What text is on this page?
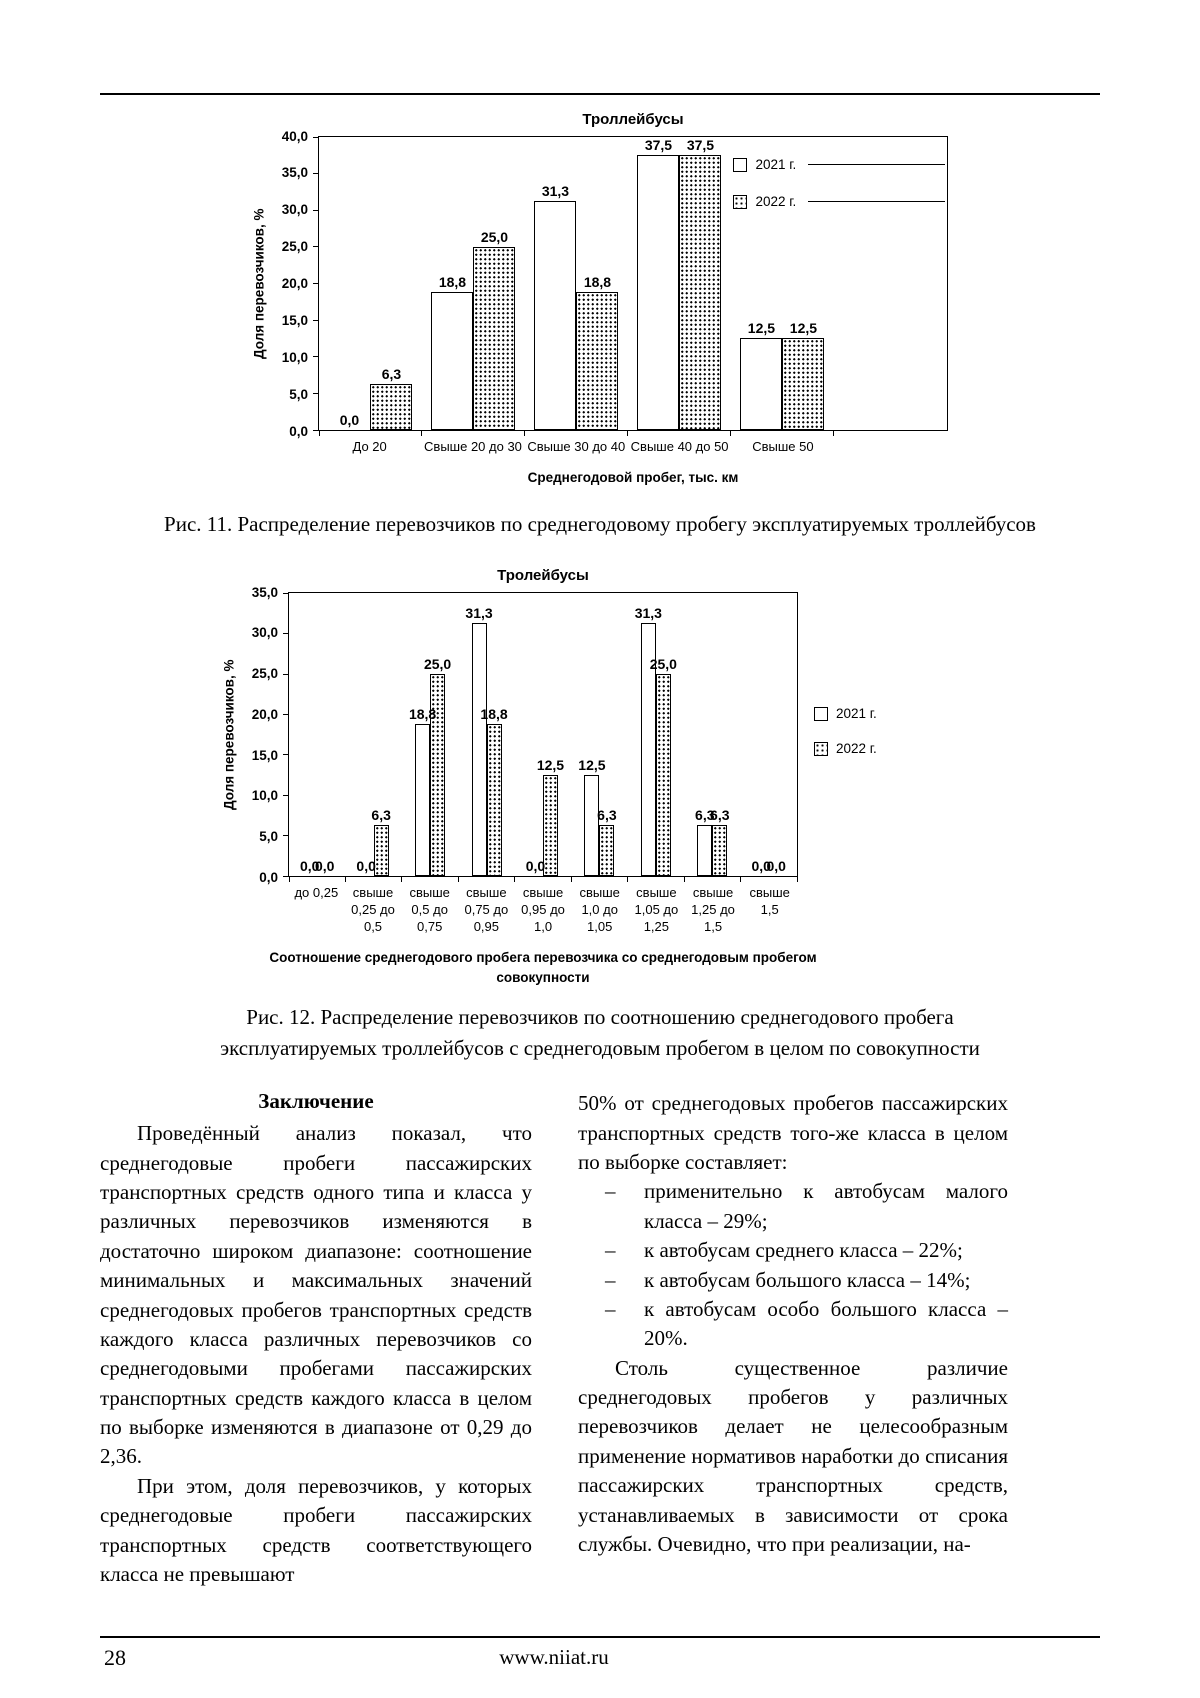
Троллейбусы
Доля перевозчиков, %
0,0
5,0
10,0
15,0
20,0
25,0
30,0
35,0
40,0
0,0
6,3
18,8
25,0
31,3
18,8
37,5 37,5
12,5 12,5
2021 г.
2022 г.
До 20	Свыше 20 до 30 Свыше 30 до 40 Свыше 40 до 50	Свыше 50
Среднегодовой пробег, тыс. км

Рис. 11. Распределение перевозчиков по среднегодовому пробегу эксплуатируемых троллейбусов

Тролейбусы
Доля перевозчиков, %
0,0
5,0
10,0
15,0
20,0
25,0
30,0
35,0
0,0
0,0 0,0
6,3
18,8
25,0
31,3
18,8
0,0
12,5 12,5
6,3
31,3
25,0
6,3
6,3
0,0
0,0
до 0,25	свыше
0,25 до
0,5
свыше
0,5 до
0,75
свыше
0,75 до
0,95
свыше
0,95 до
1,0
свыше
1,0 до
1,05
свыше
1,05 до
1,25
свыше
1,25 до
1,5
свыше
1,5
Соотношение среднегодового пробега перевозчика со среднегодовым пробегом совокупности
2021 г.
2022 г.

Рис. 12. Распределение перевозчиков по соотношению среднегодового пробега эксплуатируемых троллейбусов с среднегодовым пробегом в целом по совокупности

Заключение

Проведённый анализ показал, что среднегодовые пробеги пассажирских транспортных средств одного типа и класса у различных перевозчиков изменяются в достаточно широком диапазоне: соотношение минимальных и максимальных значений среднегодовых пробегов транспортных средств каждого класса различных перевозчиков со среднегодовыми пробегами пассажирских транспортных средств каждого класса в целом по выборке изменяются в диапазоне от 0,29 до 2,36.

При этом, доля перевозчиков, у которых среднегодовые пробеги пассажирских транспортных средств соответствующего класса не превышают

50% от среднегодовых пробегов пассажирских транспортных средств того-же класса в целом по выборке составляет:

–	применительно к автобусам малого класса – 29%;
–	к автобусам среднего класса – 22%;
–	к автобусам большого класса – 14%;
–	к автобусам особо большого класса – 20%.

Столь существенное различие среднегодовых пробегов у различных перевозчиков делает не целесообразным применение нормативов наработки до списания пассажирских транспортных средств, устанавливаемых в зависимости от срока службы. Очевидно, что при реализации, на-

28	www.niiat.ru
